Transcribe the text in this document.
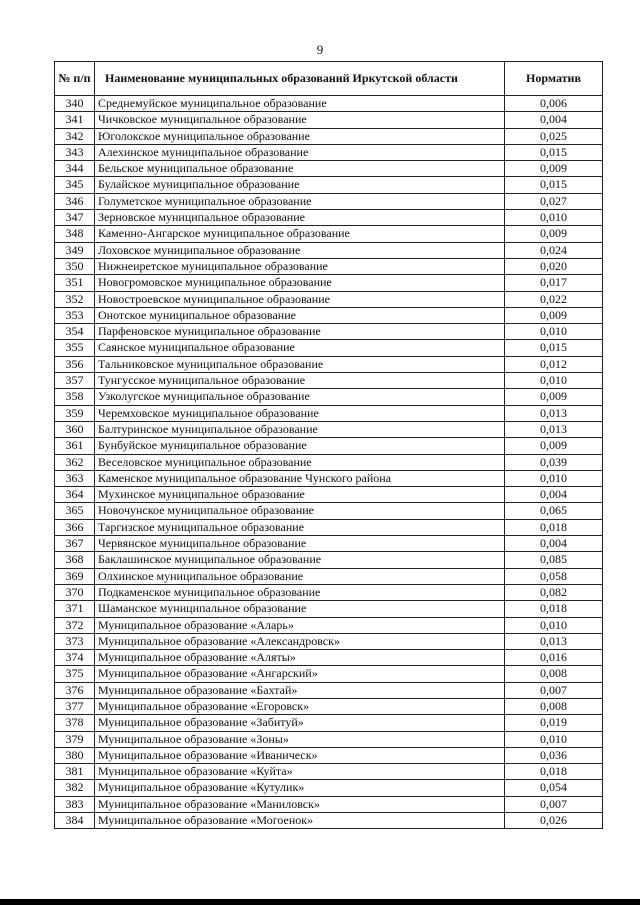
9
№ п/п	Наименование муниципальных образований Иркутской области	Норматив
340	Среднемуйское муниципальное образование	0,006
341	Чичковское муниципальное образование	0,004
342	Юголокское муниципальное образование	0,025
343	Алехинское муниципальное образование	0,015
344	Бельское муниципальное образование	0,009
345	Булайское муниципальное образование	0,015
346	Голуметское муниципальное образование	0,027
347	Зерновское муниципальное образование	0,010
348	Каменно-Ангарское муниципальное образование	0,009
349	Лоховское муниципальное образование	0,024
350	Нижнеиретское муниципальное образование	0,020
351	Новогромовское муниципальное образование	0,017
352	Новостроевское муниципальное образование	0,022
353	Онотское муниципальное образование	0,009
354	Парфеновское муниципальное образование	0,010
355	Саянское муниципальное образование	0,015
356	Тальниковское муниципальное образование	0,012
357	Тунгусское муниципальное образование	0,010
358	Узколугское муниципальное образование	0,009
359	Черемховское муниципальное образование	0,013
360	Балтуринское муниципальное образование	0,013
361	Бунбуйское муниципальное образование	0,009
362	Веселовское муниципальное образование	0,039
363	Каменское муниципальное образование Чунского района	0,010
364	Мухинское муниципальное образование	0,004
365	Новочунское муниципальное образование	0,065
366	Таргизское муниципальное образование	0,018
367	Червянское муниципальное образование	0,004
368	Баклашинское муниципальное образование	0,085
369	Олхинское муниципальное образование	0,058
370	Подкаменское муниципальное образование	0,082
371	Шаманское муниципальное образование	0,018
372	Муниципальное образование «Аларь»	0,010
373	Муниципальное образование «Александровск»	0,013
374	Муниципальное образование «Аляты»	0,016
375	Муниципальное образование «Ангарский»	0,008
376	Муниципальное образование «Бахтай»	0,007
377	Муниципальное образование «Егоровск»	0,008
378	Муниципальное образование «Забитуй»	0,019
379	Муниципальное образование «Зоны»	0,010
380	Муниципальное образование «Иваническ»	0,036
381	Муниципальное образование «Куйта»	0,018
382	Муниципальное образование «Кутулик»	0,054
383	Муниципальное образование «Маниловск»	0,007
384	Муниципальное образование «Могоенок»	0,026
